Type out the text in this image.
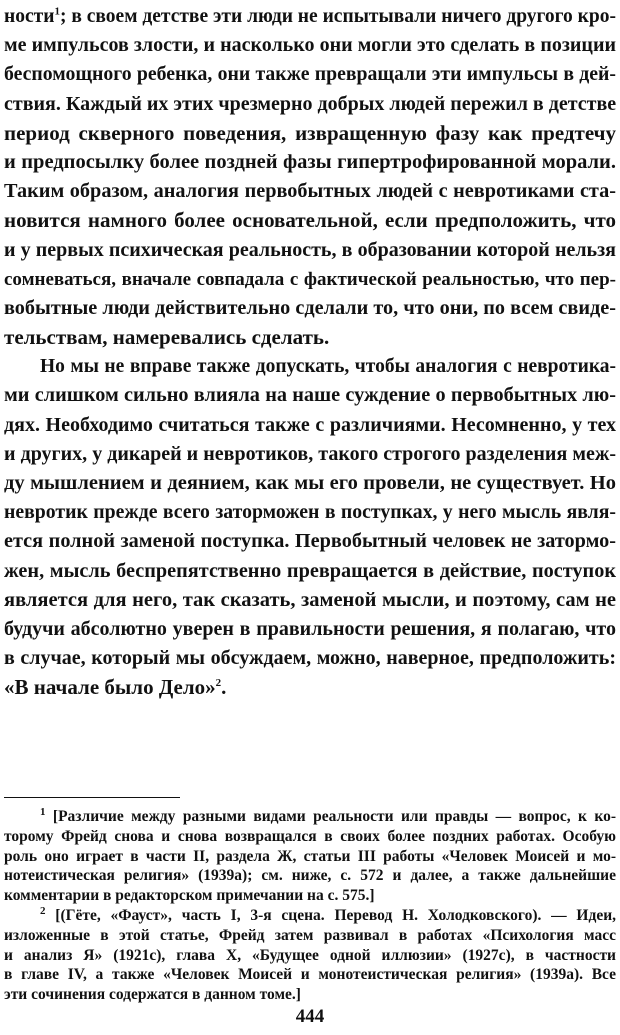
ности$^1$; в своем детстве эти люди не испытывали ничего другого кро-
ме импульсов злости, и насколько они могли это сделать в позиции
беспомощного ребенка, они также превращали эти импульсы в дей-
ствия. Каждый их этих чрезмерно добрых людей пережил в детстве
период скверного поведения, извращенную фазу как предтечу
и предпосылку более поздней фазы гипертрофированной морали.
Таким образом, аналогия первобытных людей с невротиками ста-
новится намного более основательной, если предположить, что
и у первых психическая реальность, в образовании которой нельзя
сомневаться, вначале совпадала с фактической реальностью, что пер-
вобытные люди действительно сделали то, что они, по всем свиде-
тельствам, намеревались сделать.
Но мы не вправе также допускать, чтобы аналогия с невротика-
ми слишком сильно влияла на наше суждение о первобытных лю-
дях. Необходимо считаться также с различиями. Несомненно, у тех
и других, у дикарей и невротиков, такого строгого разделения меж-
ду мышлением и деянием, как мы его провели, не существует. Но
невротик прежде всего заторможен в поступках, у него мысль явля-
ется полной заменой поступка. Первобытный человек не затормо-
жен, мысль беспрепятственно превращается в действие, поступок
является для него, так сказать, заменой мысли, и поэтому, сам не
будучи абсолютно уверен в правильности решения, я полагаю, что
в случае, который мы обсуждаем, можно, наверное, предположить:
«В начале было Дело»$^2$.
$^1$ [Различие между разными видами реальности или правды — вопрос, к ко-
торому Фрейд снова и снова возвращался в своих более поздних работах. Особую
роль оно играет в части II, раздела Ж, статьи III работы «Человек Моисей и мо-
нотеистическая религия» (1939a); см. ниже, с. 572 и далее, а также дальнейшие
комментарии в редакторском примечании на с. 575.]
$^2$ [(Гёте, «Фауст», часть I, 3-я сцена. Перевод Н. Холодковского). — Идеи,
изложенные в этой статье, Фрейд затем развивал в работах «Психология масс
и анализ Я» (1921c), глава X, «Будущее одной иллюзии» (1927c), в частности
в главе IV, а также «Человек Моисей и монотеистическая религия» (1939a). Все
эти сочинения содержатся в данном томе.]
444
